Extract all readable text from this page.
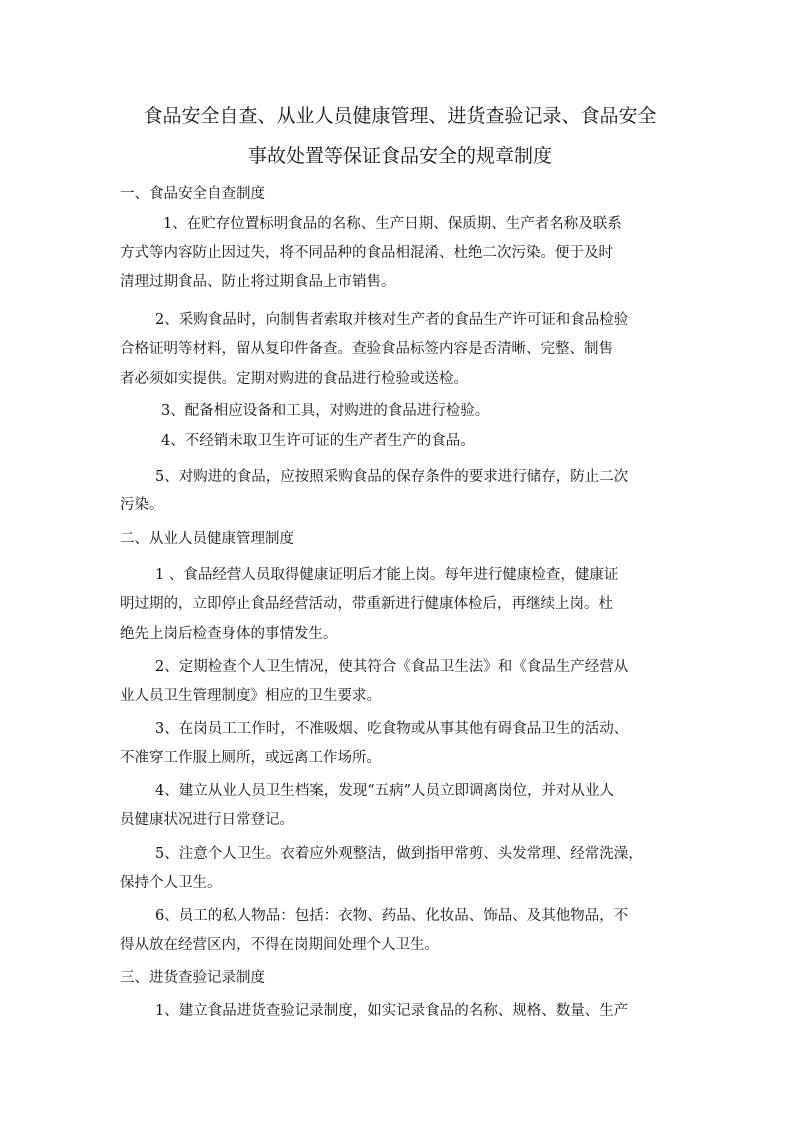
食品安全自查、从业人员健康管理、进货查验记录、食品安全
事故处置等保证食品安全的规章制度
一、食品安全自查制度
1、在贮存位置标明食品的名称、生产日期、保质期、生产者名称及联系
方式等内容防止因过失，将不同品种的食品相混淆、杜绝二次污染。便于及时
清理过期食品、防止将过期食品上市销售。
2、采购食品时，向制售者索取并核对生产者的食品生产许可证和食品检验
合格证明等材料，留从复印件备查。查验食品标签内容是否清晰、完整、制售
者必须如实提供。定期对购进的食品进行检验或送检。
3、配备相应设备和工具，对购进的食品进行检验。
4、不经销未取卫生许可证的生产者生产的食品。
5、对购进的食品，应按照采购食品的保存条件的要求进行储存，防止二次
污染。
二、从业人员健康管理制度
1 、食品经营人员取得健康证明后才能上岗。每年进行健康检查，健康证
明过期的，立即停止食品经营活动，带重新进行健康体检后，再继续上岗。杜
绝先上岗后检查身体的事情发生。
2、定期检查个人卫生情况，使其符合《食品卫生法》和《食品生产经营从
业人员卫生管理制度》相应的卫生要求。
3、在岗员工工作时，不准吸烟、吃食物或从事其他有碍食品卫生的活动、
不准穿工作服上厕所，或远离工作场所。
4、建立从业人员卫生档案，发现“五病”人员立即调离岗位，并对从业人
员健康状况进行日常登记。
5、注意个人卫生。衣着应外观整洁，做到指甲常剪、头发常理、经常洗澡，
保持个人卫生。
6、员工的私人物品：包括：衣物、药品、化妆品、饰品、及其他物品，不
得从放在经营区内，不得在岗期间处理个人卫生。
三、进货查验记录制度
1、建立食品进货查验记录制度，如实记录食品的名称、规格、数量、生产
